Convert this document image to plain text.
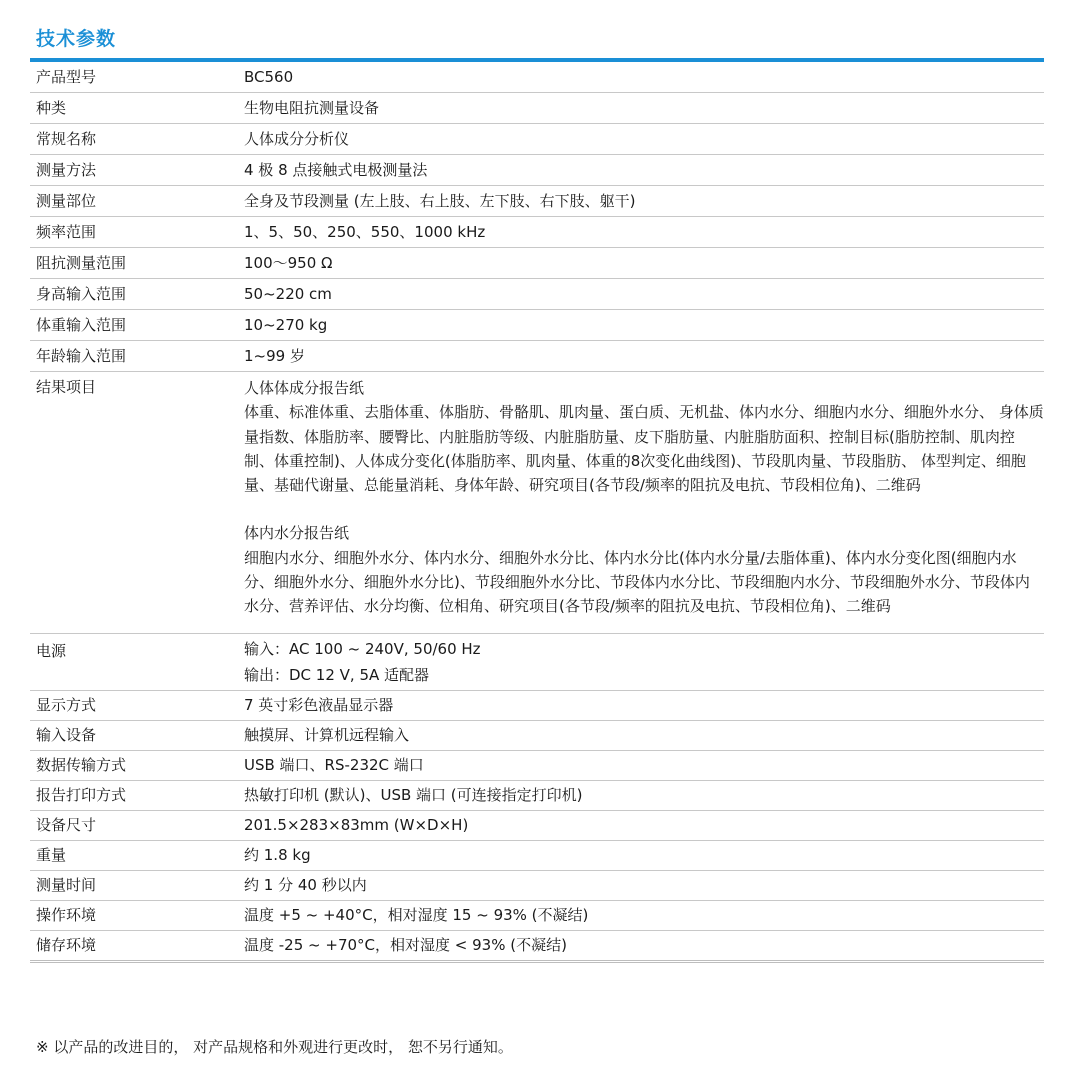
技术参数
产品型号	BC560
种类	生物电阻抗测量设备
常规名称	人体成分分析仪
测量方法	4 极 8 点接触式电极测量法
测量部位	全身及节段测量 (左上肢、右上肢、左下肢、右下肢、躯干)
频率范围	1、5、50、250、550、1000 kHz
阻抗测量范围	100～950 Ω
身高输入范围	50~220 cm
体重输入范围	10~270 kg
年龄输入范围	1~99 岁
结果项目	人体体成分报告纸
体重、标准体重、去脂体重、体脂肪、骨骼肌、肌肉量、蛋白质、无机盐、体内水分、细胞内水分、细胞外水分、 身体质量指数、体脂肪率、腰臀比、内脏脂肪等级、内脏脂肪量、皮下脂肪量、内脏脂肪面积、控制目标(脂肪控制、肌肉控制、体重控制)、人体成分变化(体脂肪率、肌肉量、体重的8次变化曲线图)、节段肌肉量、节段脂肪、 体型判定、细胞量、基础代谢量、总能量消耗、身体年龄、研究项目(各节段/频率的阻抗及电抗、节段相位角)、二维码
体内水分报告纸
细胞内水分、细胞外水分、体内水分、细胞外水分比、体内水分比(体内水分量/去脂体重)、体内水分变化图(细胞内水分、细胞外水分、细胞外水分比)、节段细胞外水分比、节段体内水分比、节段细胞内水分、节段细胞外水分、节段体内水分、营养评估、水分均衡、位相角、研究项目(各节段/频率的阻抗及电抗、节段相位角)、二维码
电源	输入：AC 100 ~ 240V, 50/60 Hz
输出：DC 12 V, 5A 适配器
显示方式	7 英寸彩色液晶显示器
输入设备	触摸屏、计算机远程输入
数据传输方式	USB 端口、RS-232C 端口
报告打印方式	热敏打印机 (默认)、USB 端口 (可连接指定打印机)
设备尺寸	201.5×283×83mm (W×D×H)
重量	约 1.8 kg
测量时间	约 1 分 40 秒以内
操作环境	温度 +5 ~ +40°C，相对湿度 15 ~ 93% (不凝结)
储存环境	温度 -25 ~ +70°C，相对湿度 < 93% (不凝结)
※ 以产品的改进目的， 对产品规格和外观进行更改时， 恕不另行通知。
